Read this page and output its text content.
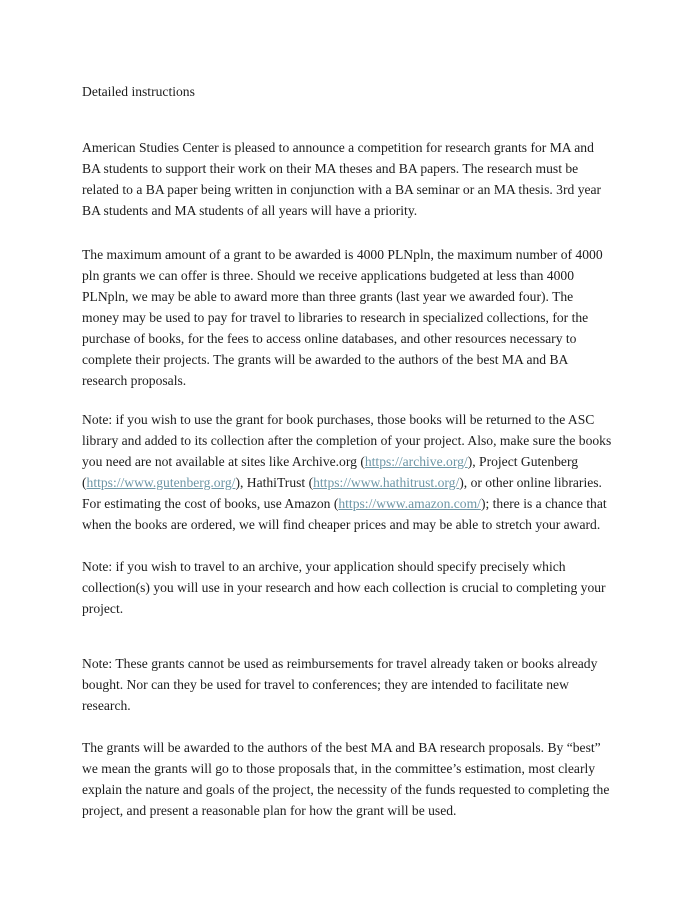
Detailed instructions
American Studies Center is pleased to announce a competition for research grants for MA and
BA students to support their work on their MA theses and BA papers. The research must be
related to a BA paper being written in conjunction with a BA seminar or an MA thesis. 3rd year
BA students and MA students of all years will have a priority.
The maximum amount of a grant to be awarded is 4000 PLNpln, the maximum number of 4000
pln grants we can offer is three. Should we receive applications budgeted at less than 4000
PLNpln, we may be able to award more than three grants (last year we awarded four). The
money may be used to pay for travel to libraries to research in specialized collections, for the
purchase of books, for the fees to access online databases, and other resources necessary to
complete their projects. The grants will be awarded to the authors of the best MA and BA
research proposals.
Note: if you wish to use the grant for book purchases, those books will be returned to the ASC
library and added to its collection after the completion of your project. Also, make sure the books
you need are not available at sites like Archive.org (https://archive.org/), Project Gutenberg
(https://www.gutenberg.org/), HathiTrust (https://www.hathitrust.org/), or other online libraries.
For estimating the cost of books, use Amazon (https://www.amazon.com/); there is a chance that
when the books are ordered, we will find cheaper prices and may be able to stretch your award.
Note: if you wish to travel to an archive, your application should specify precisely which
collection(s) you will use in your research and how each collection is crucial to completing your
project.
Note: These grants cannot be used as reimbursements for travel already taken or books already
bought. Nor can they be used for travel to conferences; they are intended to facilitate new
research.
The grants will be awarded to the authors of the best MA and BA research proposals. By “best”
we mean the grants will go to those proposals that, in the committee’s estimation, most clearly
explain the nature and goals of the project, the necessity of the funds requested to completing the
project, and present a reasonable plan for how the grant will be used.
